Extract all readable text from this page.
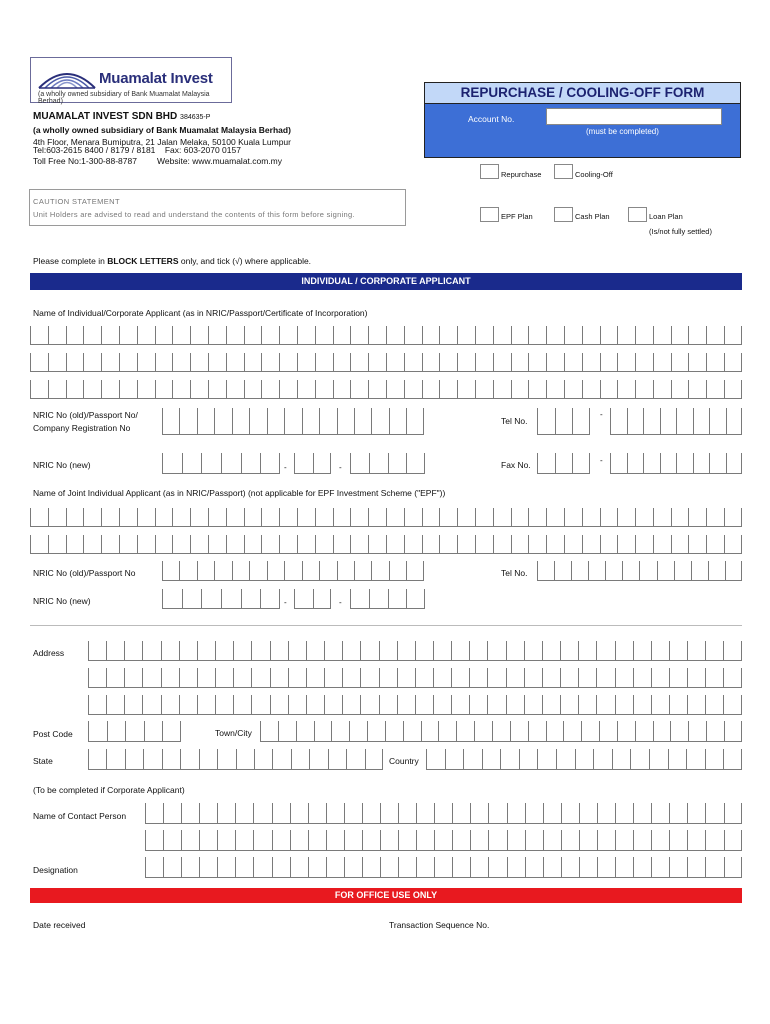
Muamalat Invest
(a wholly owned subsidiary of Bank Muamalat Malaysia Berhad)
MUAMALAT INVEST SDN BHD 384635-P
(a wholly owned subsidiary of Bank Muamalat Malaysia Berhad)
4th Floor, Menara Bumiputra, 21 Jalan Melaka, 50100 Kuala Lumpur
Tel:603-2615 8400 / 8179 / 8181    Fax: 603-2070 0157
Toll Free No:1-300-88-8787 Website: www.muamalat.com.my
REPURCHASE / COOLING-OFF FORM
Account No.
(must be completed)
Repurchase	Cooling-Off
EPF Plan	Cash Plan	Loan Plan
(Is/not fully settled)
CAUTION STATEMENT
Unit Holders are advised to read and understand the contents of this form before signing.
Please complete in BLOCK LETTERS only, and tick (√) where applicable.
INDIVIDUAL / CORPORATE APPLICANT
Name of Individual/Corporate Applicant (as in NRIC/Passport/Certificate of Incorporation)
NRIC No (old)/Passport No/
Company Registration No
Tel No.
-
NRIC No (new)	-	-	Fax No.	-
Name of Joint Individual Applicant (as in NRIC/Passport) (not applicable for EPF Investment Scheme ("EPF"))
NRIC No (old)/Passport No	Tel No.
NRIC No (new)	-	-
Address
Post Code	Town/City
State	Country
(To be completed if Corporate Applicant)
Name of Contact Person
Designation
FOR OFFICE USE ONLY
Date received	Transaction Sequence No.
